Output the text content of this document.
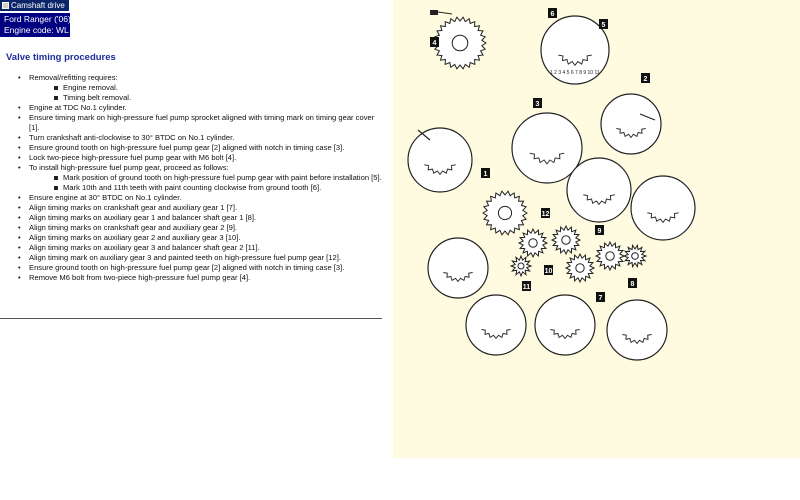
Camshaft drive
Ford Ranger ('06) 2,5D
Engine code: WL
Valve timing procedures
• Removal/refitting requires:
Engine removal.
Timing belt removal.
• Engine at TDC No.1 cylinder.
• Ensure timing mark on high-pressure fuel pump sprocket aligned with timing mark on timing gear cover [1].
• Turn crankshaft anti-clockwise to 30° BTDC on No.1 cylinder.
• Ensure ground tooth on high-pressure fuel pump gear [2] aligned with notch in timing case [3].
• Lock two-piece high-pressure fuel pump gear with M6 bolt [4].
• To install high-pressure fuel pump gear, proceed as follows:
Mark position of ground tooth on high-pressure fuel pump gear with paint before installation [5].
Mark 10th and 11th teeth with paint counting clockwise from ground tooth [6].
• Ensure engine at 30° BTDC on No.1 cylinder.
• Align timing marks on crankshaft gear and auxiliary gear 1 [7].
• Align timing marks on auxiliary gear 1 and balancer shaft gear 1 [8].
• Align timing marks on crankshaft gear and auxiliary gear 2 [9].
• Align timing marks on auxiliary gear 2 and auxiliary gear 3 [10].
• Align timing marks on auxiliary gear 3 and balancer shaft gear 2 [11].
• Align timing mark on auxiliary gear 3 and painted teeth on high-pressure fuel pump gear [12].
• Ensure ground tooth on high-pressure fuel pump gear [2] aligned with notch in timing case [3].
• Remove M6 bolt from two-piece high-pressure fuel pump gear [4].
1 2 3 4 5 6 7 8 9 10 11
1
2
3
4
5
6
7
8
9
10
11
12
